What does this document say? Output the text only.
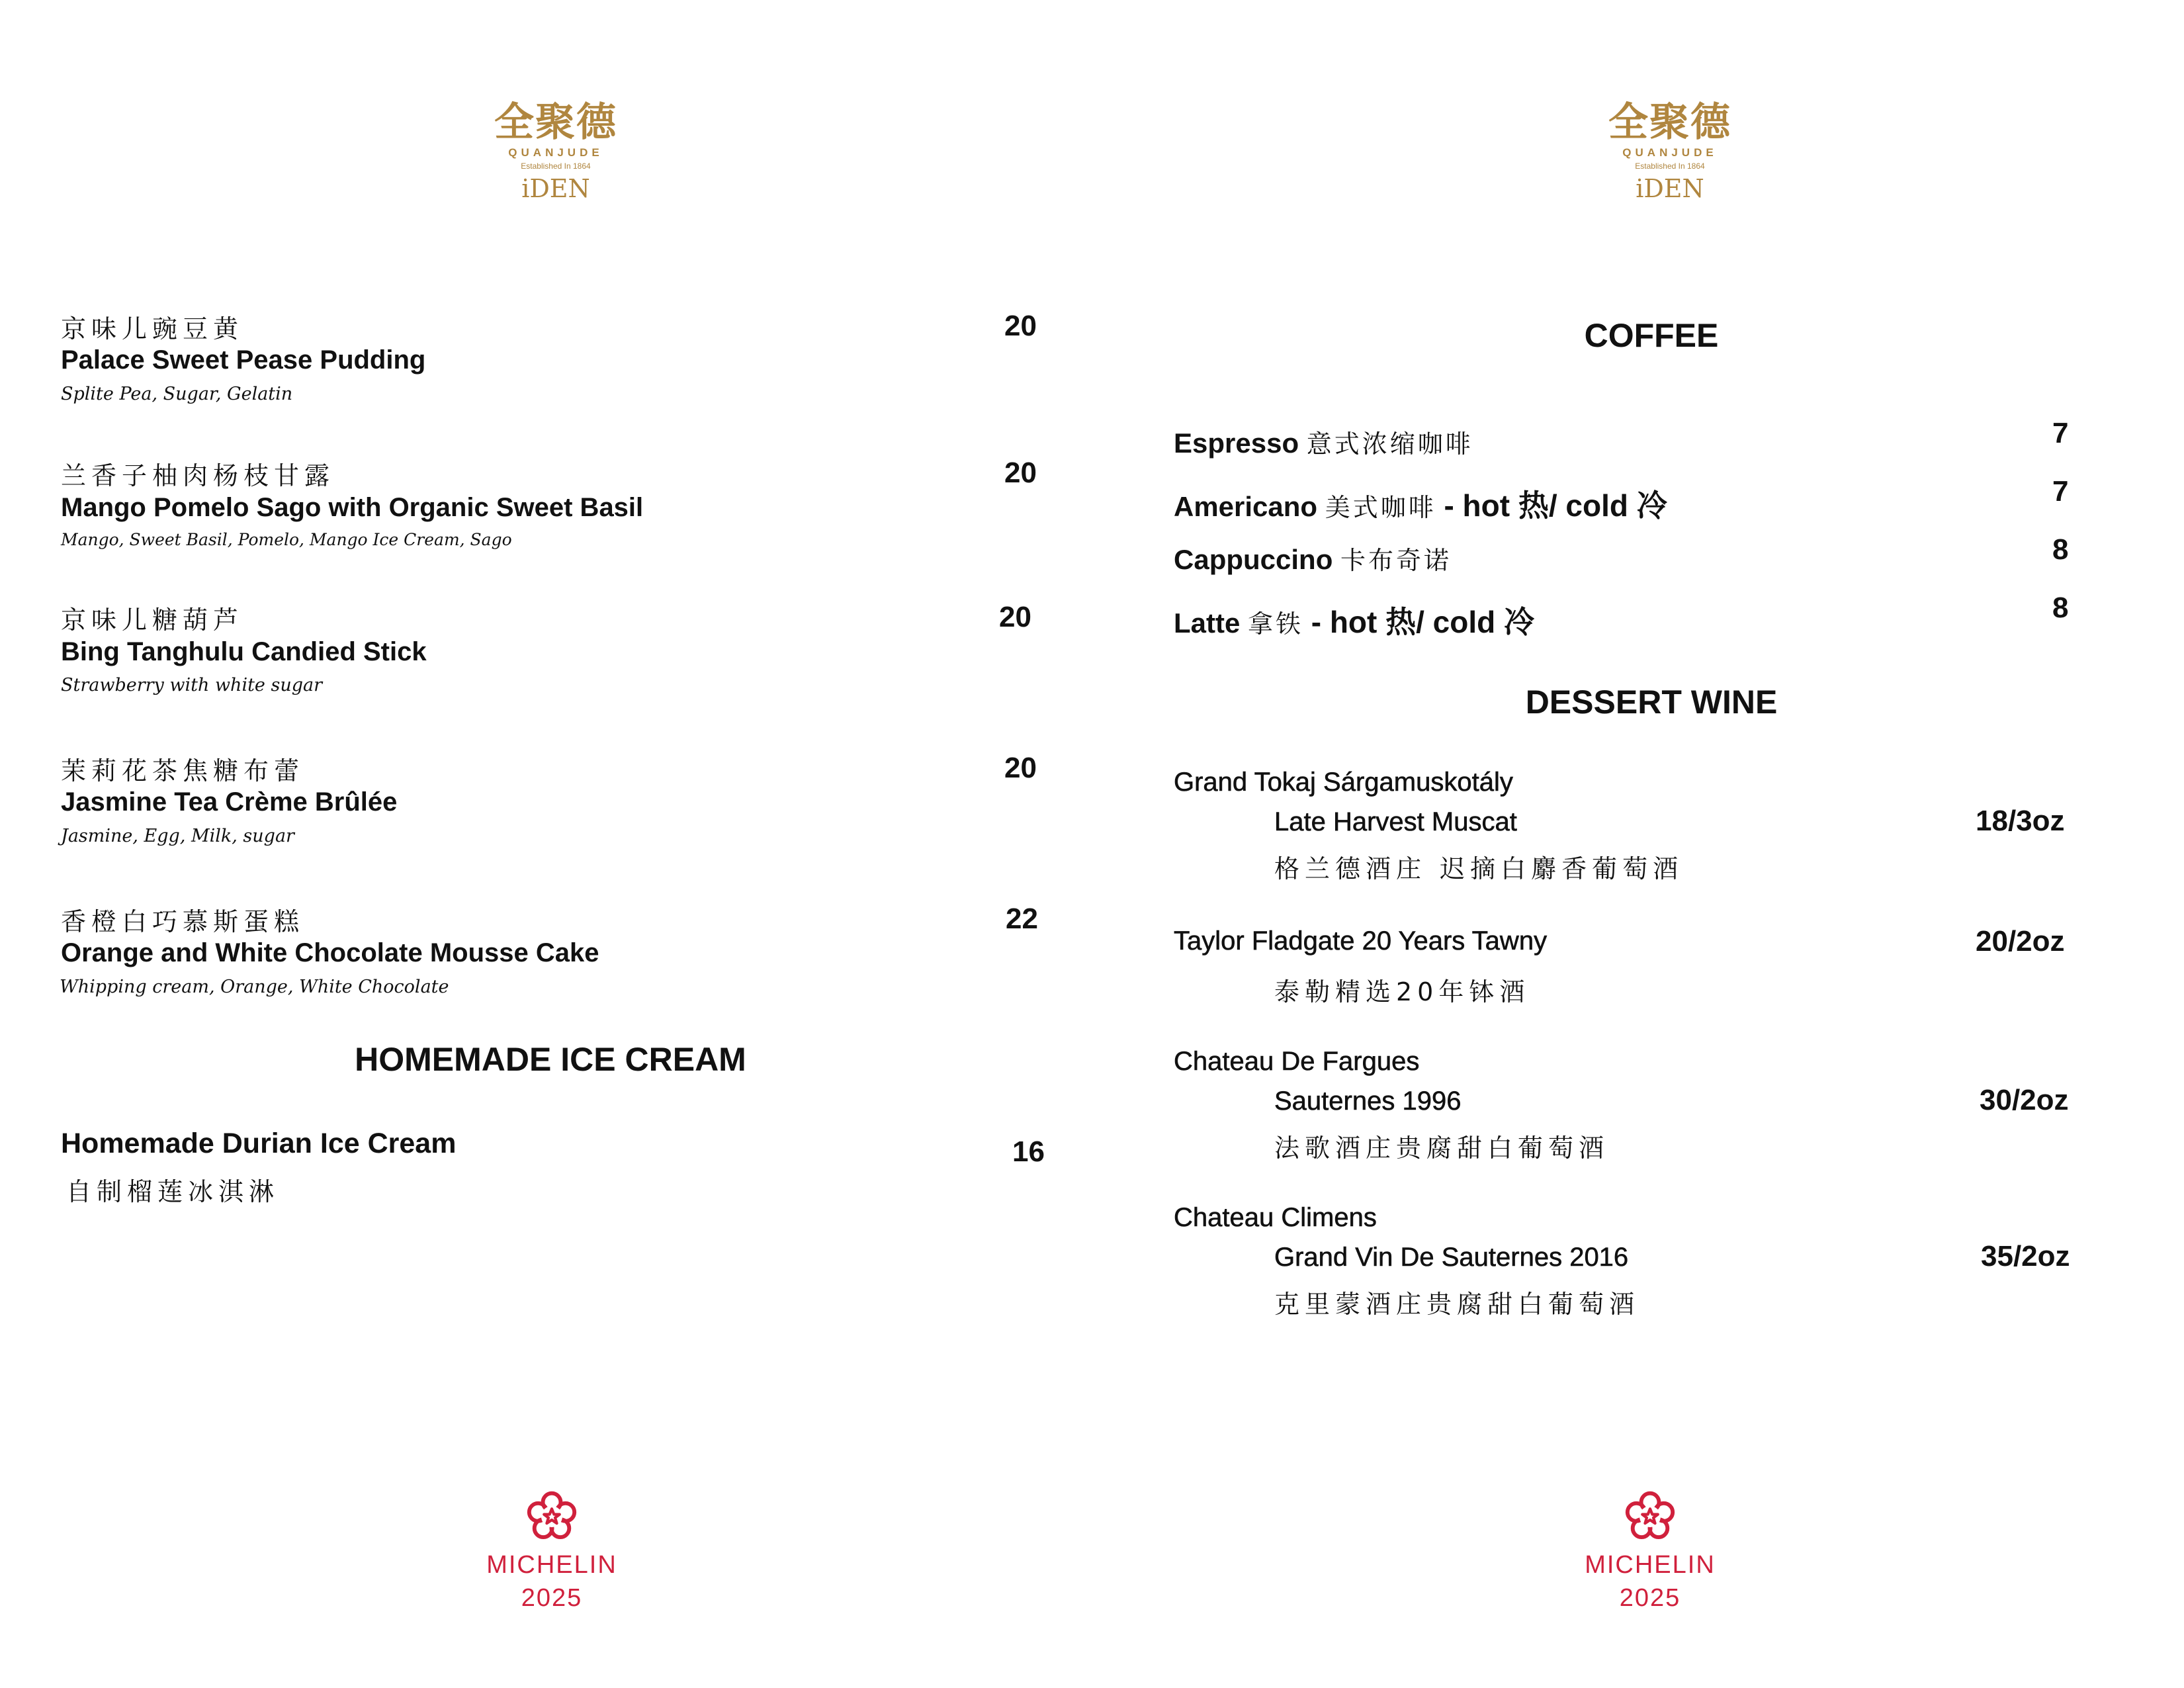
全聚德
QUANJUDE
Established In 1864
iDEN
全聚德
QUANJUDE
Established In 1864
iDEN
京味儿豌豆黄
Palace Sweet Pease Pudding
Splite Pea, Sugar, Gelatin
20
兰香子柚肉杨枝甘露
Mango Pomelo Sago with Organic Sweet Basil
Mango, Sweet Basil, Pomelo, Mango Ice Cream, Sago
20
京味儿糖葫芦
Bing Tanghulu Candied Stick
Strawberry with white sugar
20
茉莉花茶焦糖布蕾
Jasmine Tea Crème Brûlée
Jasmine, Egg, Milk, sugar
20
香橙白巧慕斯蛋糕
Orange and White Chocolate Mousse Cake
Whipping cream, Orange, White Chocolate
22
HOMEMADE ICE CREAM
Homemade Durian Ice Cream
自制榴莲冰淇淋
16
COFFEE
Espresso 意式浓缩咖啡	7
Americano 美式咖啡 - hot 热/ cold 冷	7
Cappuccino 卡布奇诺	8
Latte 拿铁 - hot 热/ cold 冷	8
DESSERT WINE
Grand Tokaj Sárgamuskotály
Late Harvest Muscat
格兰德酒庄 迟摘白麝香葡萄酒
18/3oz
Taylor Fladgate 20 Years Tawny
泰勒精选20年钵酒
20/2oz
Chateau De Fargues
Sauternes 1996
法歌酒庄贵腐甜白葡萄酒
30/2oz
Chateau Climens
Grand Vin De Sauternes 2016
克里蒙酒庄贵腐甜白葡萄酒
35/2oz
MICHELIN
2025
MICHELIN
2025
